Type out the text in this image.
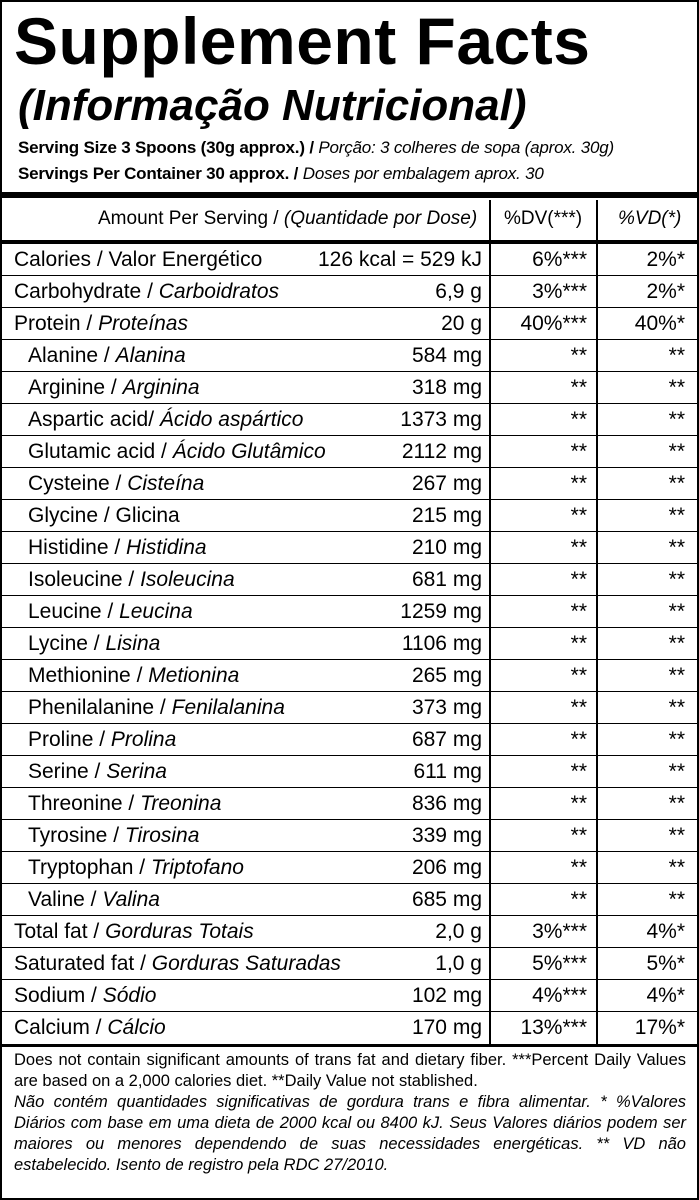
Supplement Facts
(Informação Nutricional)
Serving Size 3 Spoons (30g approx.) / Porção: 3 colheres de sopa (aprox. 30g)
Servings Per Container 30 approx. / Doses por embalagem aprox. 30
Amount Per Serving / (Quantidade por Dose) %DV(***) %VD(*)
Calories / Valor Energético	126 kcal = 529 kJ 6%***	2%*
Carbohydrate / Carboidratos	6,9 g 3%***	2%*
Protein / Proteínas	20 g 40%*** 40%*
Alanine / Alanina	584 mg	**	**
Arginine / Arginina	318 mg	**	**
Aspartic acid/ Ácido aspártico	1373 mg	**	**
Glutamic acid / Ácido Glutâmico	2112 mg	**	**
Cysteine / Cisteína	267 mg	**	**
Glycine / Glicina	215 mg	**	**
Histidine / Histidina	210 mg	**	**
Isoleucine / Isoleucina	681 mg	**	**
Leucine / Leucina	1259 mg	**	**
Lycine / Lisina	1106 mg	**	**
Methionine / Metionina	265 mg	**	**
Phenilalanine / Fenilalanina	373 mg	**	**
Proline / Prolina	687 mg	**	**
Serine / Serina	611 mg	**	**
Threonine / Treonina	836 mg	**	**
Tyrosine / Tirosina	339 mg	**	**
Tryptophan / Triptofano	206 mg	**	**
Valine / Valina	685 mg	**	**
Total fat / Gorduras Totais	2,0 g 3%***	4%*
Saturated fat / Gorduras Saturadas	1,0 g 5%***	5%*
Sodium / Sódio	102 mg 4%***	4%*
Calcium / Cálcio	170 mg 13%*** 17%*
Does not contain significant amounts of trans fat and dietary fiber. ***Percent Daily Values are based on a 2,000 calories diet. **Daily Value not stablished.
Não contém quantidades significativas de gordura trans e fibra alimentar. * %Valores Diários com base em uma dieta de 2000 kcal ou 8400 kJ. Seus Valores diários podem ser maiores ou menores dependendo de suas necessidades energéticas. ** VD não estabelecido. Isento de registro pela RDC 27/2010.
